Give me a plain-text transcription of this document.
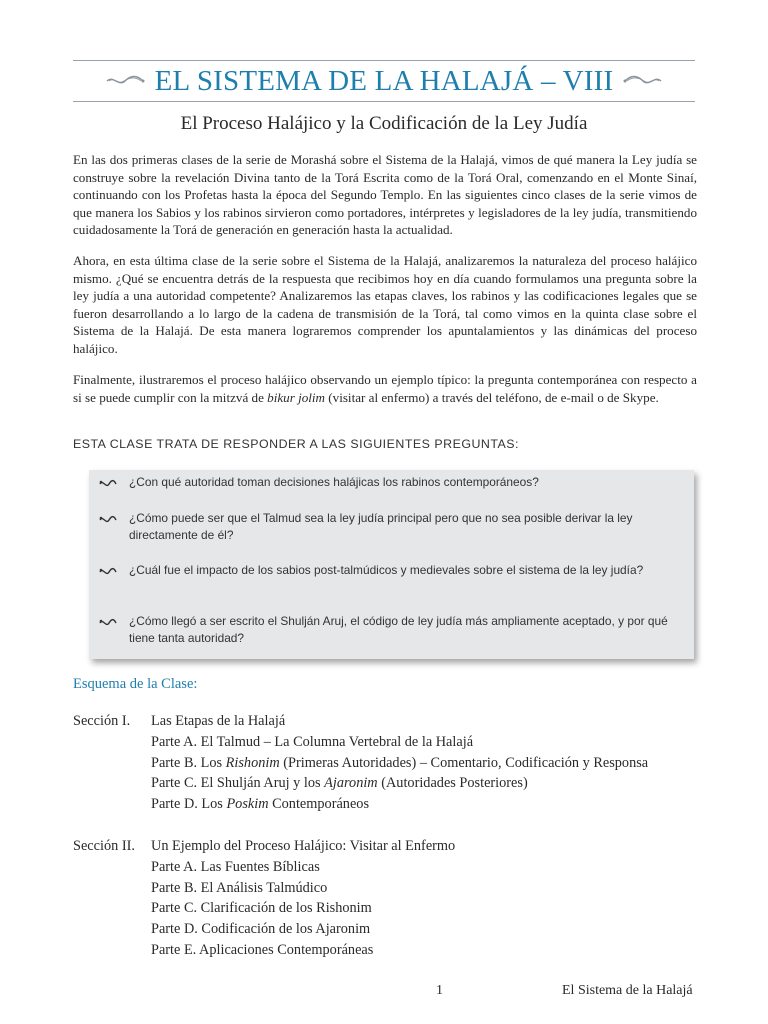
EL SISTEMA DE LA HALAJÁ – VIII
El Proceso Halájico y la Codificación de la Ley Judía
En las dos primeras clases de la serie de Morashá sobre el Sistema de la Halajá, vimos de qué manera la Ley judía se construye sobre la revelación Divina tanto de la Torá Escrita como de la Torá Oral, comenzando en el Monte Sinaí, continuando con los Profetas hasta la época del Segundo Templo. En las siguientes cinco clases de la serie vimos de que manera los Sabios y los rabinos sirvieron como portadores, intérpretes y legisladores de la ley judía, transmitiendo cuidadosamente la Torá de generación en generación hasta la actualidad.
Ahora, en esta última clase de la serie sobre el Sistema de la Halajá, analizaremos la naturaleza del proceso halájico mismo. ¿Qué se encuentra detrás de la respuesta que recibimos hoy en día cuando formulamos una pregunta sobre la ley judía a una autoridad competente? Analizaremos las etapas claves, los rabinos y las codificaciones legales que se fueron desarrollando a lo largo de la cadena de transmisión de la Torá, tal como vimos en la quinta clase sobre el Sistema de la Halajá. De esta manera lograremos comprender los apuntalamientos y las dinámicas del proceso halájico.
Finalmente, ilustraremos el proceso halájico observando un ejemplo típico: la pregunta contemporánea con respecto a si se puede cumplir con la mitzvá de bikur jolim (visitar al enfermo) a través del teléfono, de e-mail o de Skype.
ESTA CLASE TRATA DE RESPONDER A LAS SIGUIENTES PREGUNTAS:
¿Con qué autoridad toman decisiones halájicas los rabinos contemporáneos?
¿Cómo puede ser que el Talmud sea la ley judía principal pero que no sea posible derivar la ley directamente de él?
¿Cuál fue el impacto de los sabios post-talmúdicos y medievales sobre el sistema de la ley judía?
¿Cómo llegó a ser escrito el Shulján Aruj, el código de ley judía más ampliamente aceptado, y por qué tiene tanta autoridad?
Esquema de la Clase:
Sección I.	Las Etapas de la Halajá
Parte A. El Talmud – La Columna Vertebral de la Halajá
Parte B. Los Rishonim (Primeras Autoridades) – Comentario, Codificación y Responsa
Parte C. El Shulján Aruj y los Ajaronim (Autoridades Posteriores)
Parte D. Los Poskim Contemporáneos
Sección II.	Un Ejemplo del Proceso Halájico: Visitar al Enfermo
Parte A. Las Fuentes Bíblicas
Parte B. El Análisis Talmúdico
Parte C. Clarificación de los Rishonim
Parte D. Codificación de los Ajaronim
Parte E. Aplicaciones Contemporáneas
1	El Sistema de la Halajá
